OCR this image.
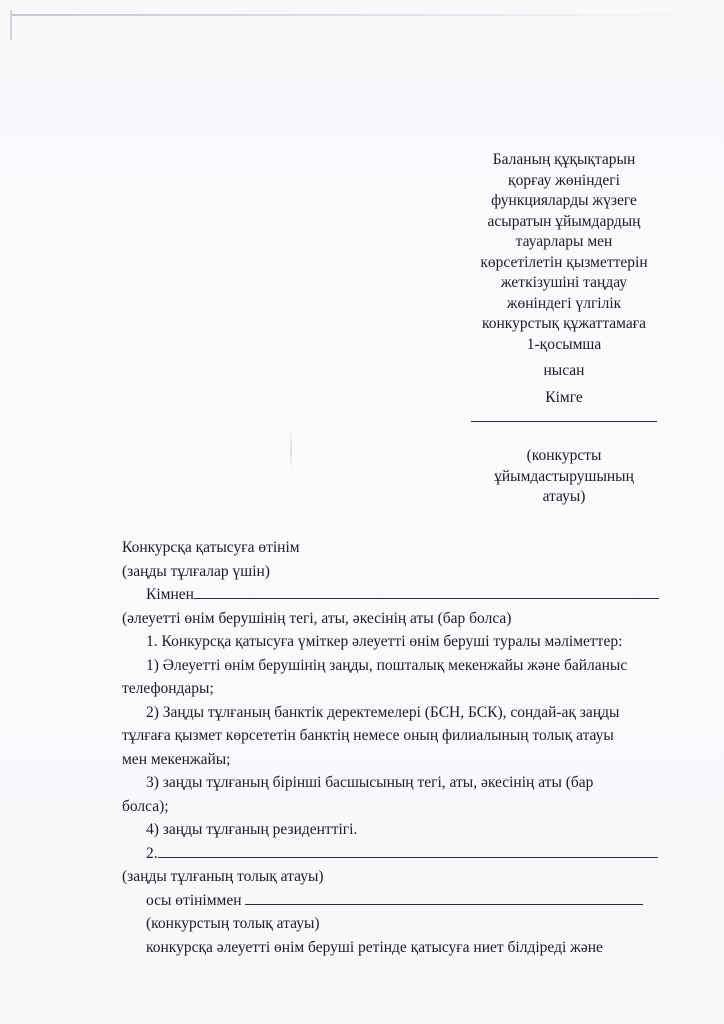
Баланың құқықтарын
қорғау жөніндегі
функцияларды жүзеге
асыратын ұйымдардың
тауарлары мен
көрсетілетін қызметтерін
жеткізушіні таңдау
жөніндегі үлгілік
конкурстық құжаттамаға
1-қосымша
нысан
Кімге
(конкурсты
ұйымдастырушының
атауы)
Конкурсқа қатысуға өтінім
(заңды тұлғалар үшін)
Кімнен
(әлеуетті өнім берушінің тегі, аты, әкесінің аты (бар болса)
1. Конкурсқа қатысуға үміткер әлеуетті өнім беруші туралы мәліметтер:
1) Әлеуетті өнім берушінің заңды, пошталық мекенжайы және байланыс
телефондары;
2) Заңды тұлғаның банктік деректемелері (БСН, БСК), сондай-ақ заңды
тұлғаға қызмет көрсететін банктің немесе оның филиалының толық атауы
мен мекенжайы;
3) заңды тұлғаның бірінші басшысының тегі, аты, әкесінің аты (бар
болса);
4) заңды тұлғаның резиденттігі.
2.
(заңды тұлғаның толық атауы)
осы өтініммен
(конкурстың толық атауы)
конкурсқа әлеуетті өнім беруші ретінде қатысуға ниет білдіреді және
